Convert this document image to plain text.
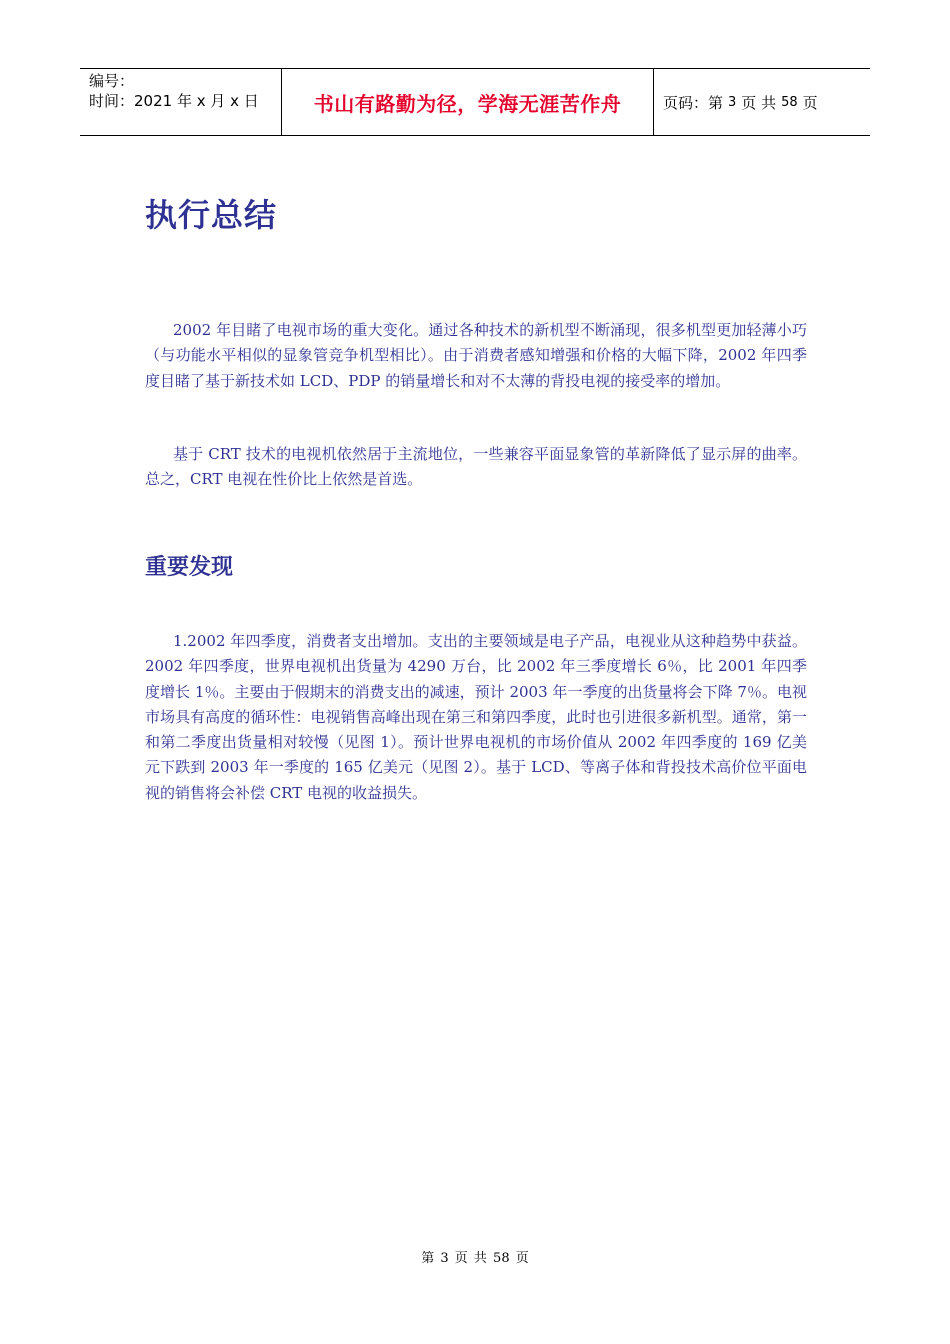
编号：
时间：2021 年 x 月 x 日	书山有路勤为径，学海无涯苦作舟	页码：第 3 页 共 58 页
执行总结

2002 年目睹了电视市场的重大变化。通过各种技术的新机型不断涌现，很多机型更加轻薄小巧（与功能水平相似的显象管竞争机型相比）。由于消费者感知增强和价格的大幅下降，2002 年四季度目睹了基于新技术如 LCD、PDP 的销量增长和对不太薄的背投电视的接受率的增加。

基于 CRT 技术的电视机依然居于主流地位，一些兼容平面显象管的革新降低了显示屏的曲率。总之，CRT 电视在性价比上依然是首选。

重要发现

1.2002 年四季度，消费者支出增加。支出的主要领域是电子产品，电视业从这种趋势中获益。2002 年四季度，世界电视机出货量为 4290 万台，比 2002 年三季度增长 6％，比 2001 年四季度增长 1％。主要由于假期末的消费支出的减速，预计 2003 年一季度的出货量将会下降 7％。电视市场具有高度的循环性：电视销售高峰出现在第三和第四季度，此时也引进很多新机型。通常，第一和第二季度出货量相对较慢（见图 1）。预计世界电视机的市场价值从 2002 年四季度的 169 亿美元下跌到 2003 年一季度的 165 亿美元（见图 2）。基于 LCD、等离子体和背投技术高价位平面电视的销售将会补偿 CRT 电视的收益损失。

第 3 页 共 58 页
